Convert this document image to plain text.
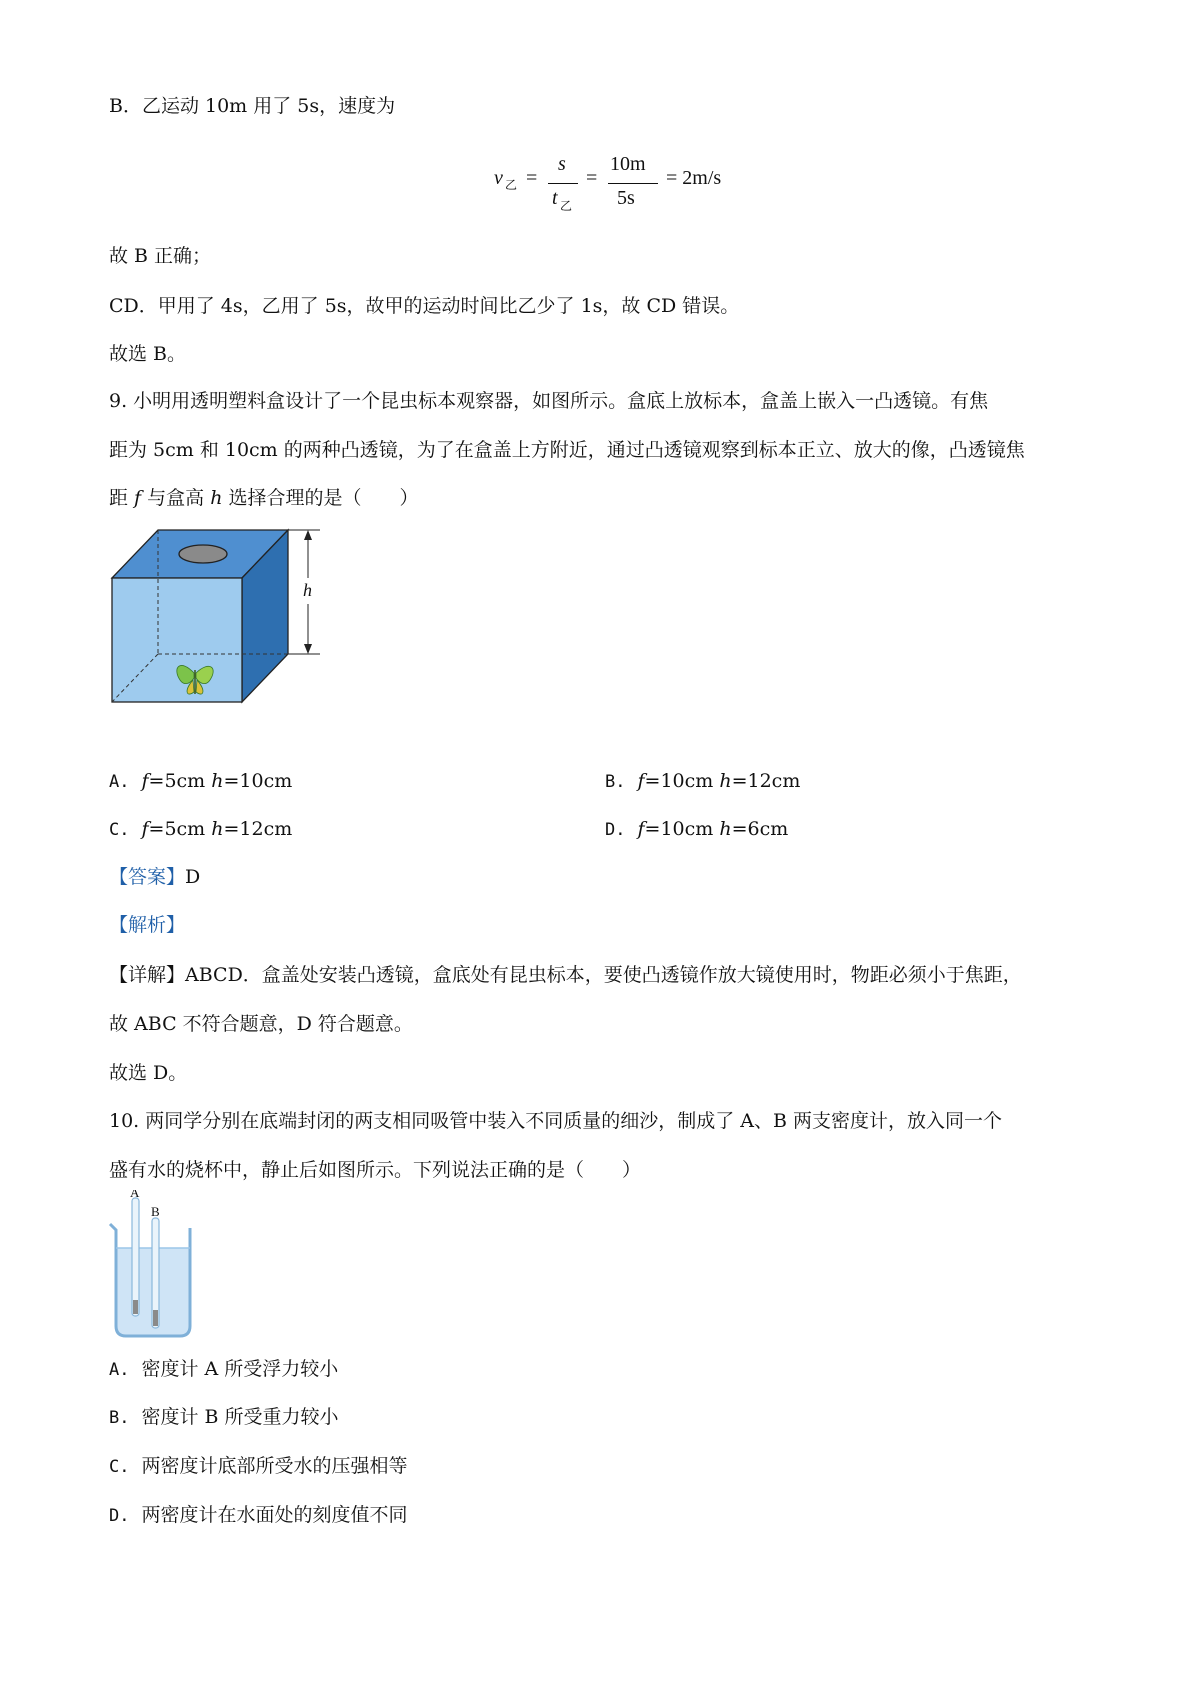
B．乙运动 10m 用了 5s，速度为
v 乙 =
s
t 乙
=
10m
5s
= 2m/s
故 B 正确；
CD．甲用了 4s，乙用了 5s，故甲的运动时间比乙少了 1s，故 CD 错误。
故选 B。
9. 小明用透明塑料盒设计了一个昆虫标本观察器，如图所示。盒底上放标本，盒盖上嵌入一凸透镜。有焦
距为 5cm 和 10cm 的两种凸透镜，为了在盒盖上方附近，通过凸透镜观察到标本正立、放大的像，凸透镜焦
距 f 与盒高 h 选择合理的是（　　）
h
A. f=5cm h=10cm	B. f=10cm h=12cm
C. f=5cm h=12cm	D. f=10cm h=6cm
【答案】D
【解析】
【详解】ABCD．盒盖处安装凸透镜，盒底处有昆虫标本，要使凸透镜作放大镜使用时，物距必须小于焦距，
故 ABC 不符合题意，D 符合题意。
故选 D。
10. 两同学分别在底端封闭的两支相同吸管中装入不同质量的细沙，制成了 A、B 两支密度计，放入同一个
盛有水的烧杯中，静止后如图所示。下列说法正确的是（　　）
A
B
A. 密度计 A 所受浮力较小
B. 密度计 B 所受重力较小
C. 两密度计底部所受水的压强相等
D. 两密度计在水面处的刻度值不同
